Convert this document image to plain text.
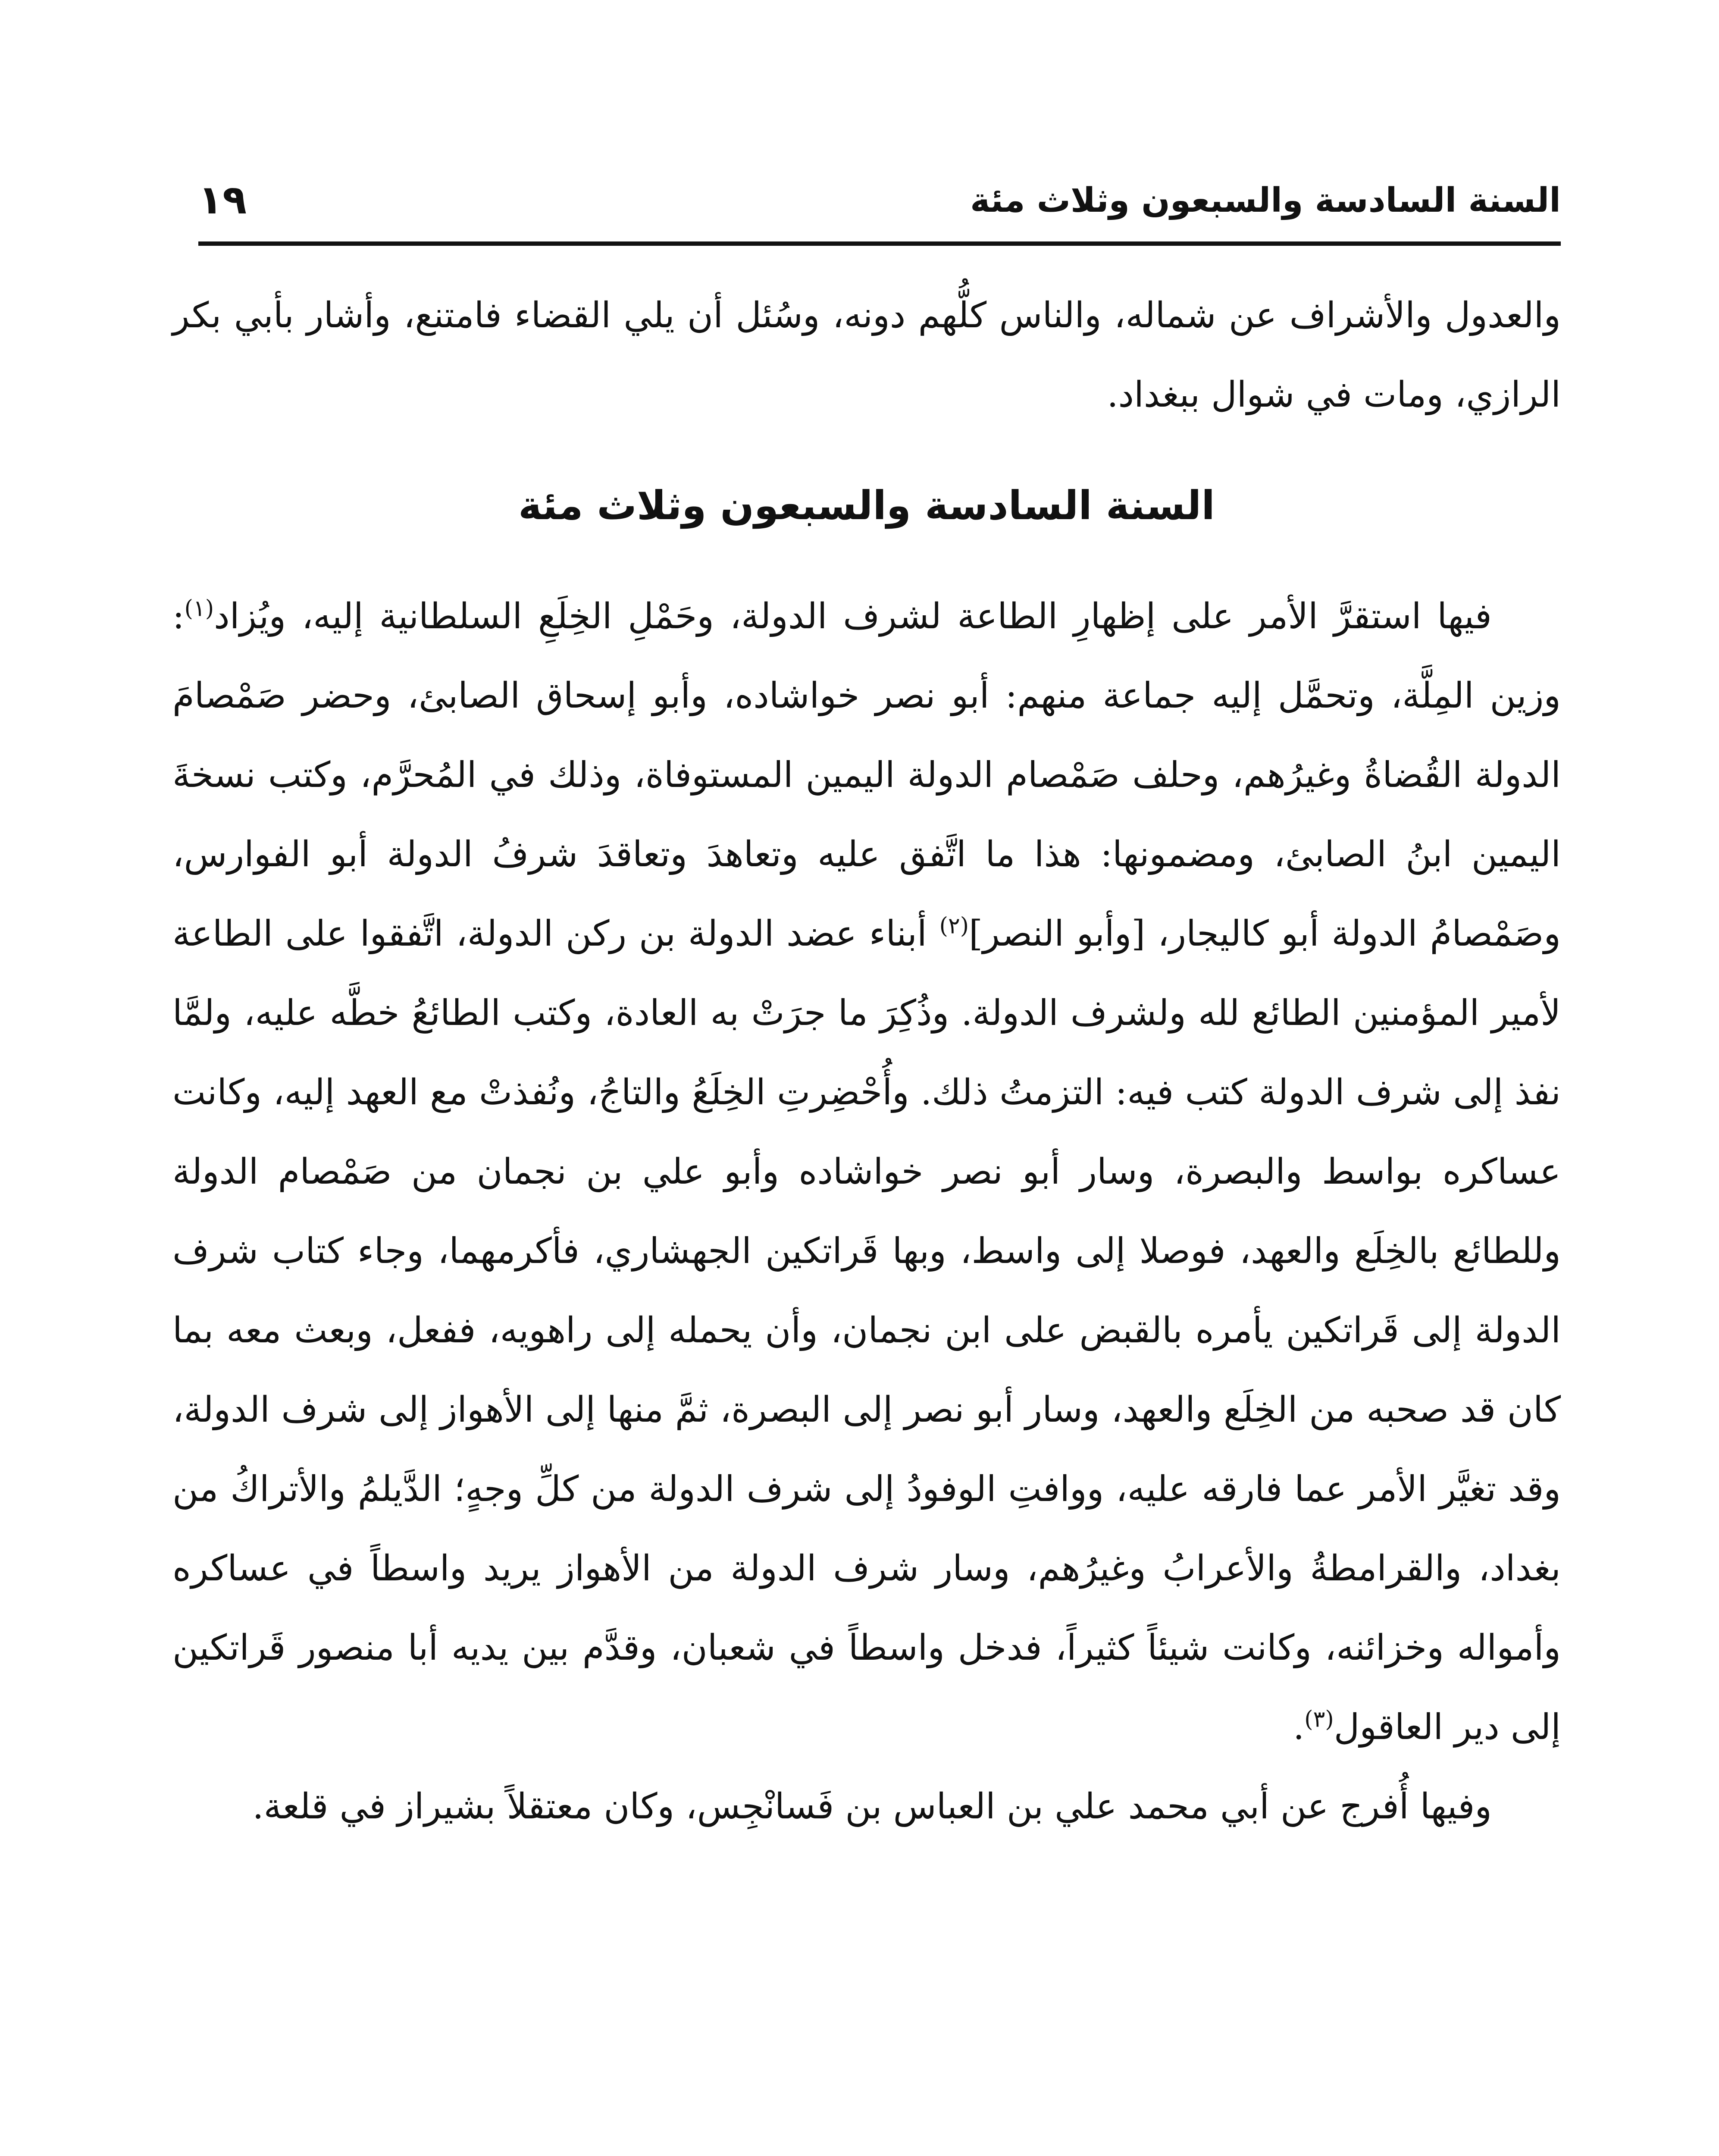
السنة السادسة والسبعون وثلاث مئة
١٩

والعدول والأشراف عن شماله، والناس كلُّهم دونه، وسُئل أن يلي القضاء فامتنع، وأشار بأبي بكر الرازي، ومات في شوال ببغداد.

السنة السادسة والسبعون وثلاث مئة

فيها استقرَّ الأمر على إظهارِ الطاعة لشرف الدولة، وحَمْلِ الخِلَعِ السلطانية إليه، ويُزاد$^{(١)}$: وزين المِلَّة، وتحمَّل إليه جماعة منهم: أبو نصر خواشاده، وأبو إسحاق الصابئ، وحضر صَمْصامَ الدولة القُضاةُ وغيرُهم، وحلف صَمْصام الدولة اليمين المستوفاة، وذلك في المُحرَّم، وكتب نسخةَ اليمين ابنُ الصابئ، ومضمونها: هذا ما اتَّفق عليه وتعاهدَ وتعاقدَ شرفُ الدولة أبو الفوارس، وصَمْصامُ الدولة أبو كاليجار، [وأبو النصر]$^{(٢)}$ أبناء عضد الدولة بن ركن الدولة، اتَّفقوا على الطاعة لأمير المؤمنين الطائع لله ولشرف الدولة. وذُكِرَ ما جرَتْ به العادة، وكتب الطائعُ خطَّه عليه، ولمَّا نفذ إلى شرف الدولة كتب فيه: التزمتُ ذلك. وأُحْضِرتِ الخِلَعُ والتاجُ، ونُفذتْ مع العهد إليه، وكانت عساكره بواسط والبصرة، وسار أبو نصر خواشاده وأبو علي بن نجمان من صَمْصام الدولة وللطائع بالخِلَع والعهد، فوصلا إلى واسط، وبها قَراتكين الجهشاري، فأكرمهما، وجاء كتاب شرف الدولة إلى قَراتكين يأمره بالقبض على ابن نجمان، وأن يحمله إلى راهويه، ففعل، وبعث معه بما كان قد صحبه من الخِلَع والعهد، وسار أبو نصر إلى البصرة، ثمَّ منها إلى الأهواز إلى شرف الدولة، وقد تغيَّر الأمر عما فارقه عليه، ووافتِ الوفودُ إلى شرف الدولة من كلِّ وجهٍ؛ الدَّيلمُ والأتراكُ من بغداد، والقرامطةُ والأعرابُ وغيرُهم، وسار شرف الدولة من الأهواز يريد واسطاً في عساكره وأمواله وخزائنه، وكانت شيئاً كثيراً، فدخل واسطاً في شعبان، وقدَّم بين يديه أبا منصور قَراتكين إلى دير العاقول$^{(٣)}$.

وفيها أُفرج عن أبي محمد علي بن العباس بن فَسانْجِس، وكان معتقلاً بشيراز في قلعة.
